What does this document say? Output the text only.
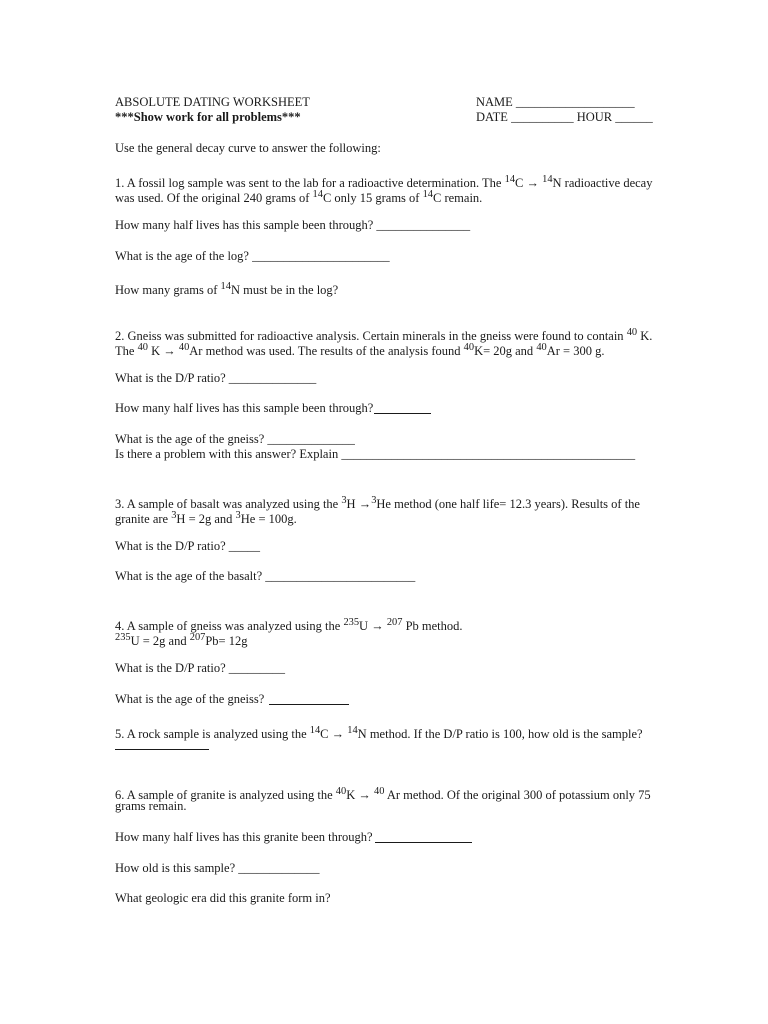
ABSOLUTE DATING WORKSHEET
***Show work for all problems***
NAME ___________________
DATE __________ HOUR ______
Use the general decay curve to answer the following:
1. A fossil log sample was sent to the lab for a radioactive determination. The $^{14}$C → $^{14}$N radioactive decay
was used. Of the original 240 grams of $^{14}$C only 15 grams of $^{14}$C remain.
How many half lives has this sample been through? _______________
What is the age of the log? ______________________
How many grams of $^{14}$N must be in the log?
2. Gneiss was submitted for radioactive analysis. Certain minerals in the gneiss were found to contain $^{40}$ K.
The $^{40}$ K → $^{40}$Ar method was used. The results of the analysis found $^{40}$K= 20g and $^{40}$Ar = 300 g.
What is the D/P ratio? ______________
How many half lives has this sample been through?
What is the age of the gneiss? ______________
Is there a problem with this answer? Explain _______________________________________________
3. A sample of basalt was analyzed using the $^3$H →$^3$He method (one half life= 12.3 years). Results of the
granite are $^3$H = 2g and $^3$He = 100g.
What is the D/P ratio? _____
What is the age of the basalt? ________________________
4. A sample of gneiss was analyzed using the $^{235}$U → $^{207}$ Pb method.
$^{235}$U = 2g and $^{207}$Pb= 12g
What is the D/P ratio? _________
What is the age of the gneiss?
5. A rock sample is analyzed using the $^{14}$C → $^{14}$N method. If the D/P ratio is 100, how old is the sample?
6. A sample of granite is analyzed using the $^{40}$K → $^{40}$ Ar method. Of the original 300 of potassium only 75
grams remain.
How many half lives has this granite been through?
How old is this sample? _____________
What geologic era did this granite form in?
